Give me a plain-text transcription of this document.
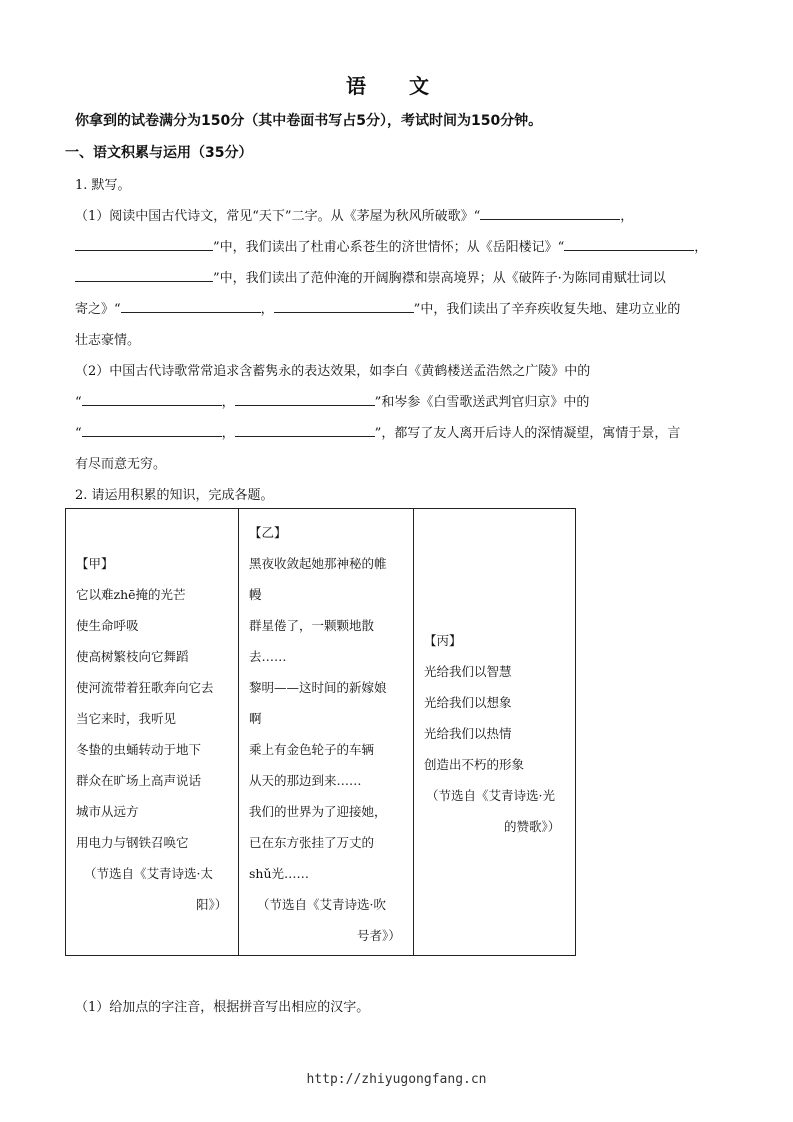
语 文
你拿到的试卷满分为150分（其中卷面书写占5分），考试时间为150分钟。
一、语文积累与运用（35分）
1. 默写。
（1）阅读中国古代诗文，常见“天下”二字。从《茅屋为秋风所破歌》“	，
”中，我们读出了杜甫心系苍生的济世情怀；从《岳阳楼记》“	，
”中，我们读出了范仲淹的开阔胸襟和崇高境界；从《破阵子·为陈同甫赋壮词以
寄之》“	，	”中，我们读出了辛弃疾收复失地、建功立业的
壮志豪情。
（2）中国古代诗歌常常追求含蓄隽永的表达效果，如李白《黄鹤楼送孟浩然之广陵》中的
“	，	”和岑参《白雪歌送武判官归京》中的
“	，	”，都写了友人离开后诗人的深情凝望，寓情于景，言
有尽而意无穷。
2. 请运用积累的知识，完成各题。
【甲】
它以难zhē掩的光芒
使生命呼吸
使高树繁枝向它舞蹈
使河流带着狂歌奔向它去
当它来时，我听见
冬蛰的虫蛹转动于地下
群众在旷场上高声说话
城市从远方
用电力与钢铁召唤它
（节选自《艾青诗选·太
阳》）
【乙】
黑夜收敛起她那神秘的帷
幔
群星倦了，一颗颗地散
去……
黎明——这时间的新嫁娘
啊
乘上有金色轮子的车辆
从天的那边到来……
我们的世界为了迎接她，
已在东方张挂了万丈的
shǔ光……
（节选自《艾青诗选·吹
号者》）
【丙】
光给我们以智慧
光给我们以想象
光给我们以热情
创造出不朽的形象
（节选自《艾青诗选·光
的赞歌》）
（1）给加点的字注音，根据拼音写出相应的汉字。
http://zhiyugongfang.cn
